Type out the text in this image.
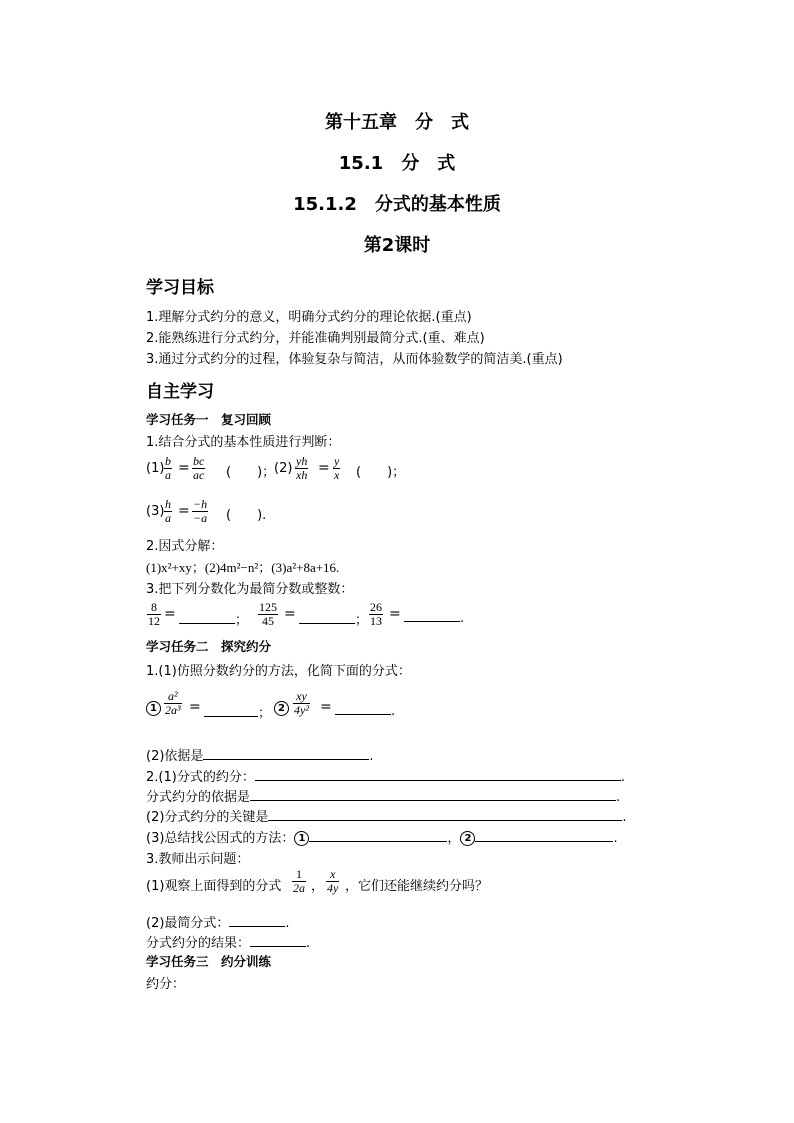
第十五章　分　式
15.1　分　式
15.1.2　分式的基本性质
第2课时
学习目标
1.理解分式约分的意义，明确分式约分的理论依据.(重点)
2.能熟练进行分式约分，并能准确判别最简分式.(重、难点)
3.通过分式约分的过程，体验复杂与简洁，从而体验数学的简洁美.(重点)
自主学习
学习任务一　复习回顾
1.结合分式的基本性质进行判断：
$(1) \frac{b}{a} = \frac{bc}{ac}$ (　　)；
$(2) \frac{yh}{xh} = \frac{y}{x}$ (　　)；
$(3) \frac{h}{a} = \frac{-h}{-a}$ (　　).
2.因式分解：
(1)x²+xy；(2)4m²−n²；(3)a²+8a+16.
3.把下列分数化为最简分数或整数：
$\frac{8}{12}$ =	； $\frac{125}{45}$ =	； $\frac{26}{13}$ =	.
学习任务二　探究约分
1.(1)仿照分数约分的方法，化简下面的分式：
$1 \frac{\text{a²}}{\text{2a³}}$ =	； $2 \frac{xy}{\text{4y²}}$ =	.
(2)依据是	.
2.(1)分式的约分：	.
分式约分的依据是	.
(2)分式约分的关键是	.
(3)总结找公因式的方法： 1	， 2	.
3.教师出示问题：
(1)观察上面得到的分式 $\frac{1}{2a}$ ， $\frac{x}{4y}$ ，它们还能继续约分吗？
(2)最简分式：	.
分式约分的结果：	.
学习任务三　约分训练
约分：
